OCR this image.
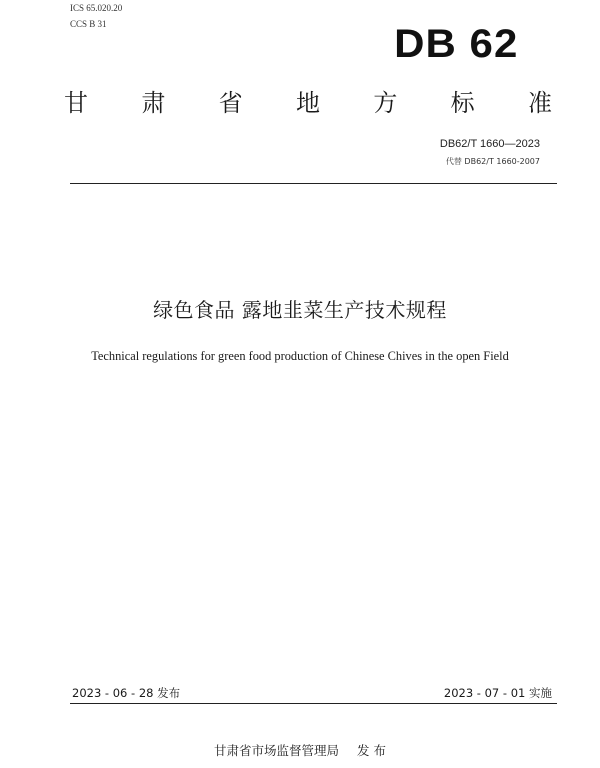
ICS 65.020.20
CCS B 31	DB 62
甘 肃 省 地 方 标 准
DB62/T 1660—2023
代替 DB62/T 1660-2007
绿色食品 露地韭菜生产技术规程
Technical regulations for green food production of Chinese Chives in the open Field
2023 - 06 - 28 发布	2023 - 07 - 01 实施
甘肃省市场监督管理局 发 布
